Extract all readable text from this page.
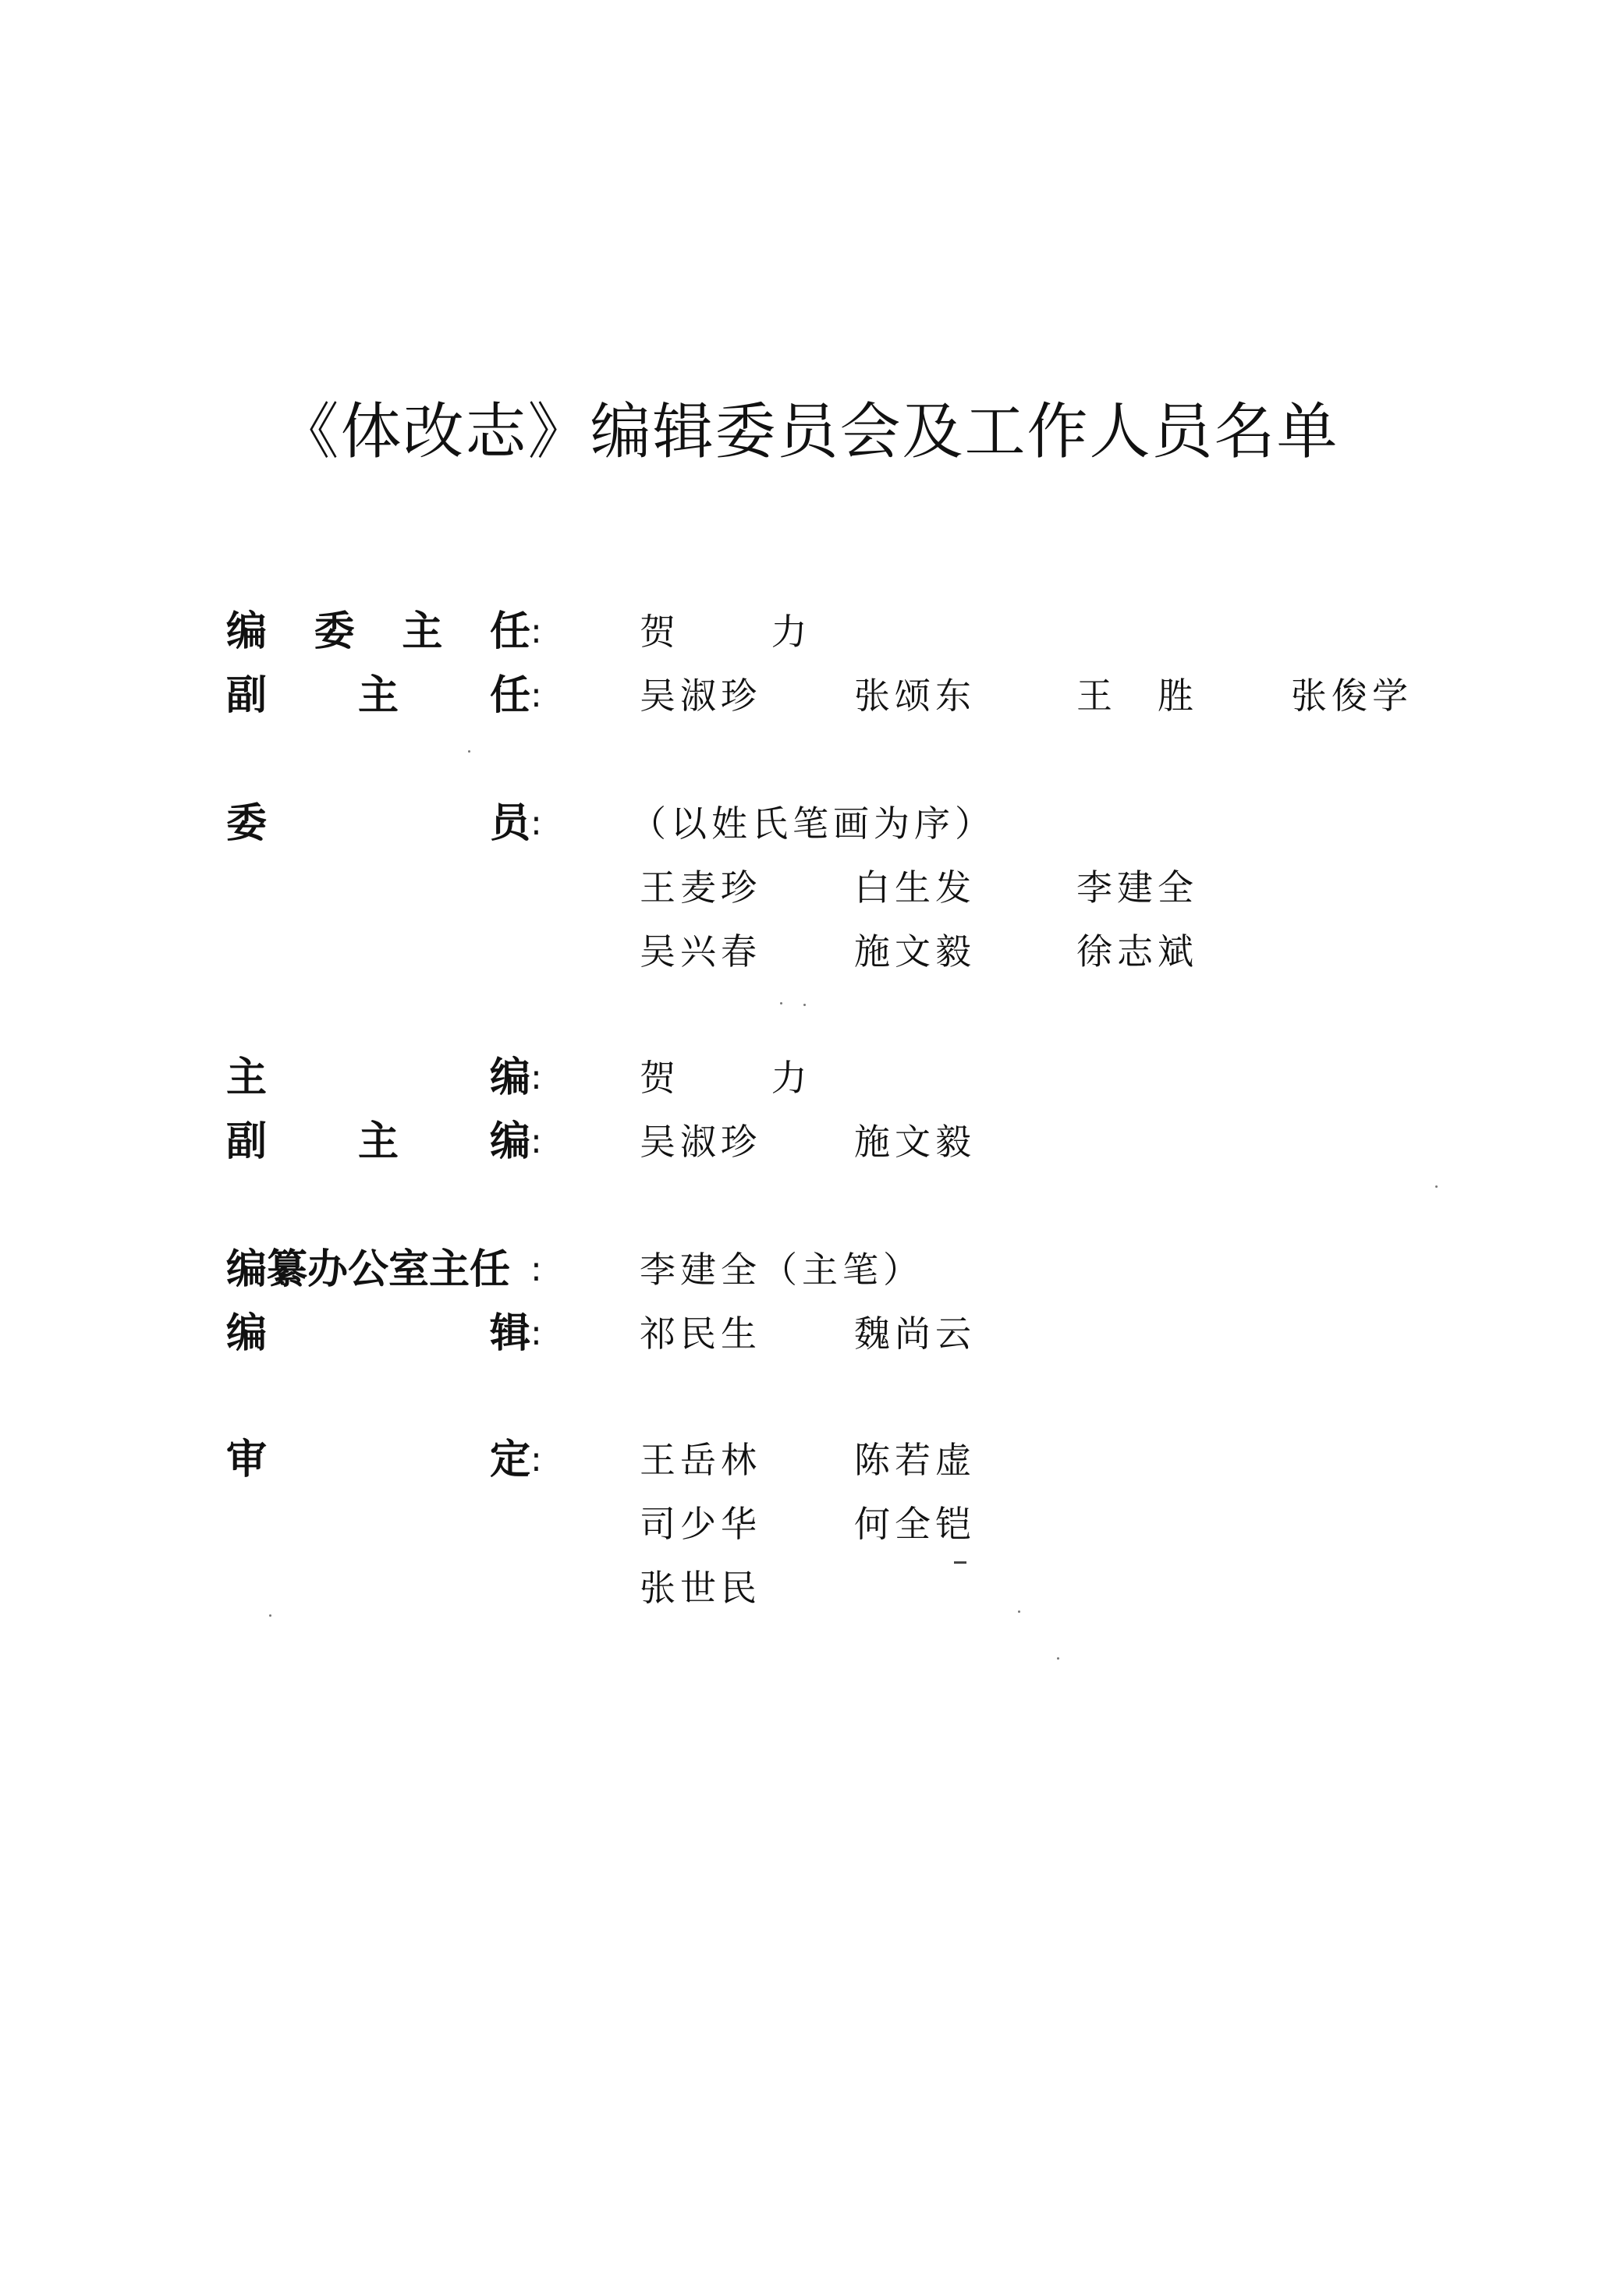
《体改志》编辑委员会及工作人员名单
编 委 主 任 :	贺 力
副 主 任 :	吴淑珍	张颂东	王　胜	张俊学
委	员 : （以姓氏笔画为序）
王麦珍	白生发	李建全
吴兴春	施文毅	徐志斌
主	编 :	贺 力
副 主 编 :	吴淑珍	施文毅
编纂办公室主任 :	李建全（主笔）
编	辑 :	祁民生	魏尚云
审	定 :	王岳林	陈若虚
司少华	何全铠
张世民
